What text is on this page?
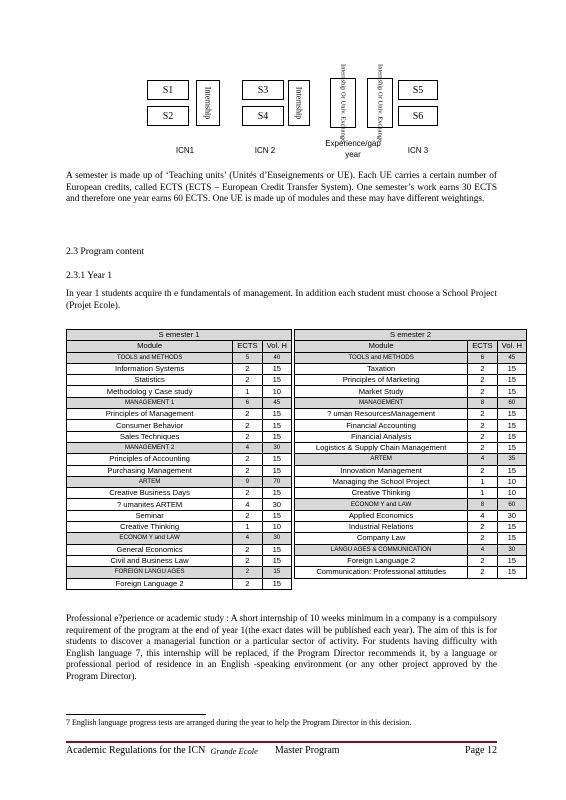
S1
S2	Internship	S3
S4	Internship	Internship Or Univ. Exchange	Internship Or Univ. Exchange	S5
S6
ICN1	ICN 2
Experience/gap year	ICN 3

A semester is made up of ‘Teaching units’ (Unités d’Enseignements or UE). Each UE carries a certain number of European credits, called ECTS (ECTS – European Credit Transfer System). One semester’s work earns 30 ECTS and therefore one year earns 60 ECTS. One UE is made up of modules and these may have different weightings.

2.3 Program content
2.3.1 Year 1

In year 1 students acquire th e fundamentals of management. In addition each student must choose a School Project (Projet Ecole).

S emester 1		
Module	ECTS	Vol. H
TOOLS and METHODS	5	40
Information Systems	2	15
Statistics	2	15
Methodolog y Case study	1	10
MANAGEMENT 1	6	45
Principles of Management	2	15
Consumer Behavior	2	15
Sales Techniques	2	15
MANAGEMENT 2	4	30
Principles of Accounting	2	15
Purchasing Management	2	15
ARTEM	9	70
Creative Business Days	2	15
? umanites ARTEM	4	30
Seminar	2	15
Creative Thinking	1	10
ECONOM Y and LAW	4	30
General Economics	2	15
Civil and Business Law	2	15
FOREIGN LANGU AGES	2	15
Foreign Language 2	2	15
S emester 2		
Module	ECTS	Vol. H
TOOLS and METHODS	6	45
Taxation	2	15
Principles of Marketing	2	15
Market Study	2	15
MANAGEMENT	8	60
? uman ResourcesManagement	2	15
Financial Accounting	2	15
Financial Analysis	2	15
Logistics & Supply Chain Management	2	15
ARTEM	4	35
Innovation Management	2	15
Managing the School Project	1	10
Creative Thinking	1	10
ECONOM Y and LAW	8	60
Applied Economics	4	30
Industrial Relations	2	15
Company Law	2	15
LANGU AGES & COMMUNICATION	4	30
Foreign Language 2	2	15
Communication: Professional attitudes	2	15

Professional e?perience or academic study : A short internship of 10 weeks minimum in a company is a compulsory requirement of the program at the end of year 1(the exact dates will be published each year). The aim of this is for students to discover a managerial function or a particular sector of activity. For students having difficulty with English language 7, this internship will be replaced, if the Program Director recommends it, by a language or professional period of residence in an English -speaking environment (or any other project approved by the Program Director).

7 English language progress tests are arranged during the year to help the Program Director in this decision.
Academic Regulations for the ICN Grande Ecole Master Program	Page 12
